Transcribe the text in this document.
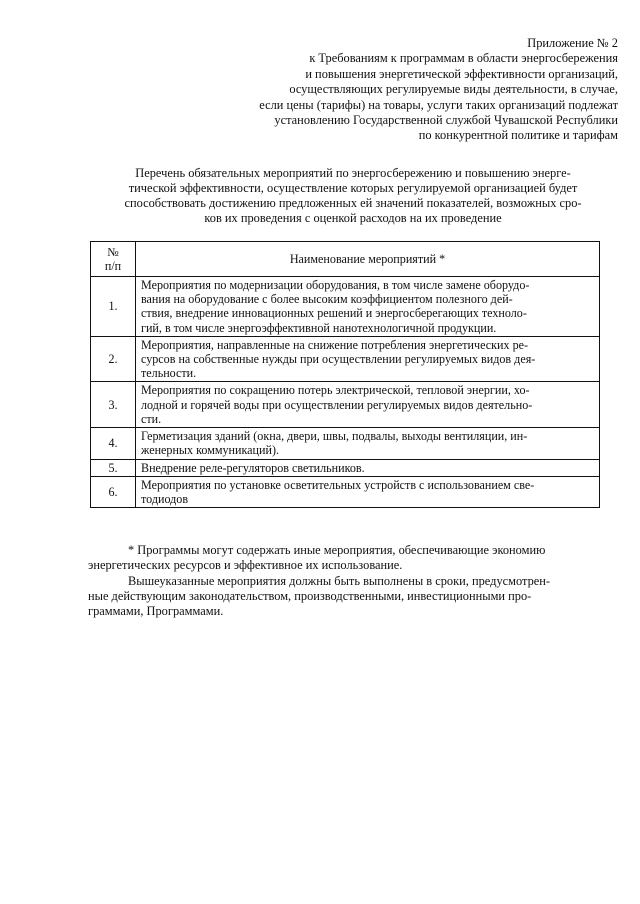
Приложение № 2
к Требованиям к программам в области энергосбережения
и повышения энергетической эффективности организаций,
осуществляющих регулируемые виды деятельности, в случае,
если цены (тарифы) на товары, услуги таких организаций подлежат
установлению Государственной службой Чувашской Республики
по конкурентной политике и тарифам
Перечень обязательных мероприятий по энергосбережению и повышению энерге-
тической эффективности, осуществление которых регулируемой организацией будет
способствовать достижению предложенных ей значений показателей, возможных сро-
ков их проведения с оценкой расходов на их проведение
№
п/п	Наименование мероприятий *
1.	Мероприятия по модернизации оборудования, в том числе замене оборудо-
вания на оборудование с более высоким коэффициентом полезного дей-
ствия, внедрение инновационных решений и энергосберегающих техноло-
гий, в том числе энергоэффективной нанотехнологичной продукции.

2.	Мероприятия, направленные на снижение потребления энергетических ре-
сурсов на собственные нужды при осуществлении регулируемых видов дея-
тельности.

3.	Мероприятия по сокращению потерь электрической, тепловой энергии, хо-
лодной и горячей воды при осуществлении регулируемых видов деятельно-
сти.

4.	Герметизация зданий (окна, двери, швы, подвалы, выходы вентиляции, ин-
женерных коммуникаций).

5.	Внедрение реле-регуляторов светильников.

6.	Мероприятия по установке осветительных устройств с использованием све-
тодиодов

* Программы могут содержать иные мероприятия, обеспечивающие экономию
энергетических ресурсов и эффективное их использование.

Вышеуказанные мероприятия должны быть выполнены в сроки, предусмотрен-
ные действующим законодательством, производственными, инвестиционными про-
граммами, Программами.
